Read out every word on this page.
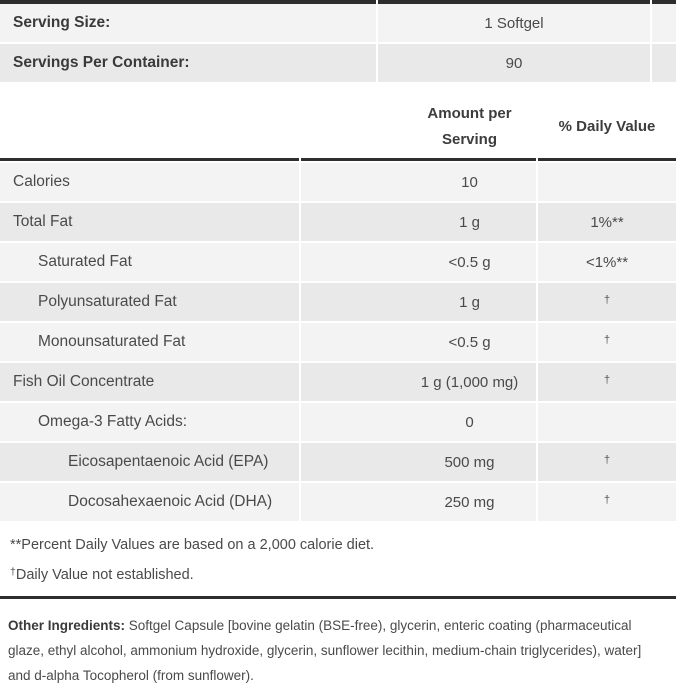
Serving Size:	1 Softgel
Servings Per Container:	90
Amount per Serving
% Daily Value
Calories	10
Total Fat	1 g	1%**
Saturated Fat	<0.5 g	<1%**
Polyunsaturated Fat	1 g	†
Monounsaturated Fat	<0.5 g	†
Fish Oil Concentrate	1 g (1,000 mg)	†
Omega-3 Fatty Acids:	0
Eicosapentaenoic Acid (EPA)	500 mg	†
Docosahexaenoic Acid (DHA)	250 mg	†
**Percent Daily Values are based on a 2,000 calorie diet.
†Daily Value not established.
Other Ingredients: Softgel Capsule [bovine gelatin (BSE-free), glycerin, enteric coating (pharmaceutical glaze, ethyl alcohol, ammonium hydroxide, glycerin, sunflower lecithin, medium-chain triglycerides), water] and d-alpha Tocopherol (from sunflower).
